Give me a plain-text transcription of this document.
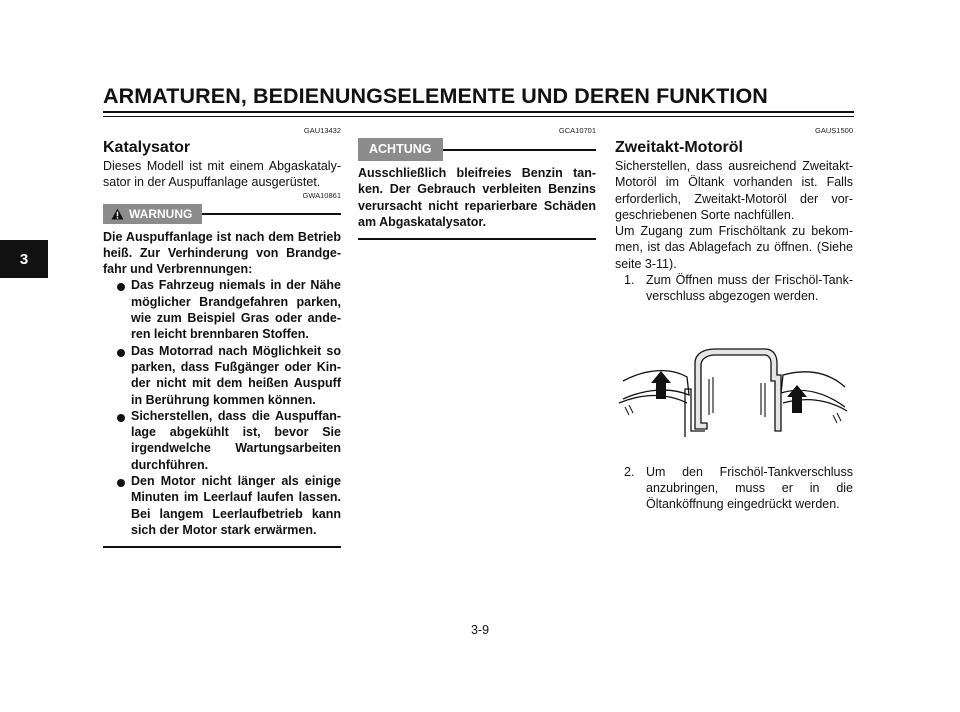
ARMATUREN, BEDIENUNGSELEMENTE UND DEREN FUNKTION
3
GAU13432
Katalysator

Dieses Modell ist mit einem Abgaskataly-sator in der Auspuffanlage ausgerüstet.

GWA10861
WARNUNG

Die Auspuffanlage ist nach dem Betrieb heiß. Zur Verhinderung von Brandge-fahr und Verbrennungen:

Das Fahrzeug niemals in der Nähe möglicher Brandgefahren parken, wie zum Beispiel Gras oder ande-ren leicht brennbaren Stoffen.
Das Motorrad nach Möglichkeit so parken, dass Fußgänger oder Kin-der nicht mit dem heißen Auspuff in Berührung kommen können.
Sicherstellen, dass die Auspuffan-lage abgekühlt ist, bevor Sie irgendwelche Wartungsarbeiten durchführen.
Den Motor nicht länger als einige Minuten im Leerlauf laufen lassen. Bei langem Leerlaufbetrieb kann sich der Motor stark erwärmen.
GCA10701
ACHTUNG

Ausschließlich bleifreies Benzin tan-ken. Der Gebrauch verbleiten Benzins verursacht nicht reparierbare Schäden am Abgaskatalysator.

GAUS1500
Zweitakt-Motoröl

Sicherstellen, dass ausreichend Zweitakt-Motoröl im Öltank vorhanden ist. Falls erforderlich, Zweitakt-Motoröl der vor-geschriebenen Sorte nachfüllen.

Um Zugang zum Frischöltank zu bekom-men, ist das Ablagefach zu öffnen. (Siehe seite 3-11).

1. Zum Öffnen muss der Frischöl-Tank-verschluss abgezogen werden.
2. Um den Frischöl-Tankverschluss anzubringen, muss er in die Öltanköffnung eingedrückt werden.
3-9
